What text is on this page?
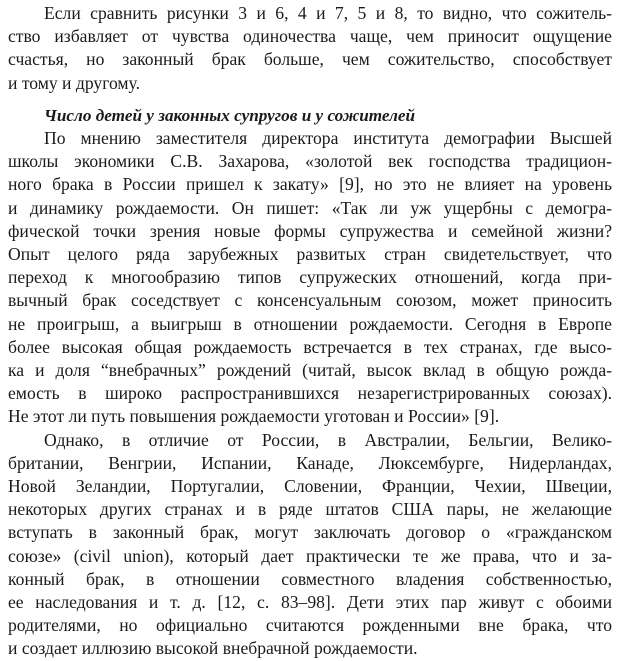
Если сравнить рисунки 3 и 6, 4 и 7, 5 и 8, то видно, что сожитель-
ство избавляет от чувства одиночества чаще, чем приносит ощущение
счастья, но законный брак больше, чем сожительство, способствует
и тому и другому.

Число детей у законных супругов и у сожителей

По мнению заместителя директора института демографии Высшей
школы экономики С.В. Захарова, «золотой век господства традицион-
ного брака в России пришел к закату» [9], но это не влияет на уровень
и динамику рождаемости. Он пишет: «Так ли уж ущербны с демогра-
фической точки зрения новые формы супружества и семейной жизни?
Опыт целого ряда зарубежных развитых стран свидетельствует, что
переход к многообразию типов супружеских отношений, когда при-
вычный брак соседствует с консенсуальным союзом, может приносить
не проигрыш, а выигрыш в отношении рождаемости. Сегодня в Европе
более высокая общая рождаемость встречается в тех странах, где высо-
ка и доля “внебрачных” рождений (читай, высок вклад в общую рожда-
емость в широко распространившихся незарегистрированных союзах).
Не этот ли путь повышения рождаемости уготован и России» [9].

Однако, в отличие от России, в Австралии, Бельгии, Велико-
британии, Венгрии, Испании, Канаде, Люксембурге, Нидерландах,
Новой Зеландии, Португалии, Словении, Франции, Чехии, Швеции,
некоторых других странах и в ряде штатов США пары, не желающие
вступать в законный брак, могут заключать договор о «гражданском
союзе» (civil union), который дает практически те же права, что и за-
конный брак, в отношении совместного владения собственностью,
ее наследования и т. д. [12, с. 83–98]. Дети этих пар живут с обоими
родителями, но официально считаются рожденными вне брака, что
и создает иллюзию высокой внебрачной рождаемости.
